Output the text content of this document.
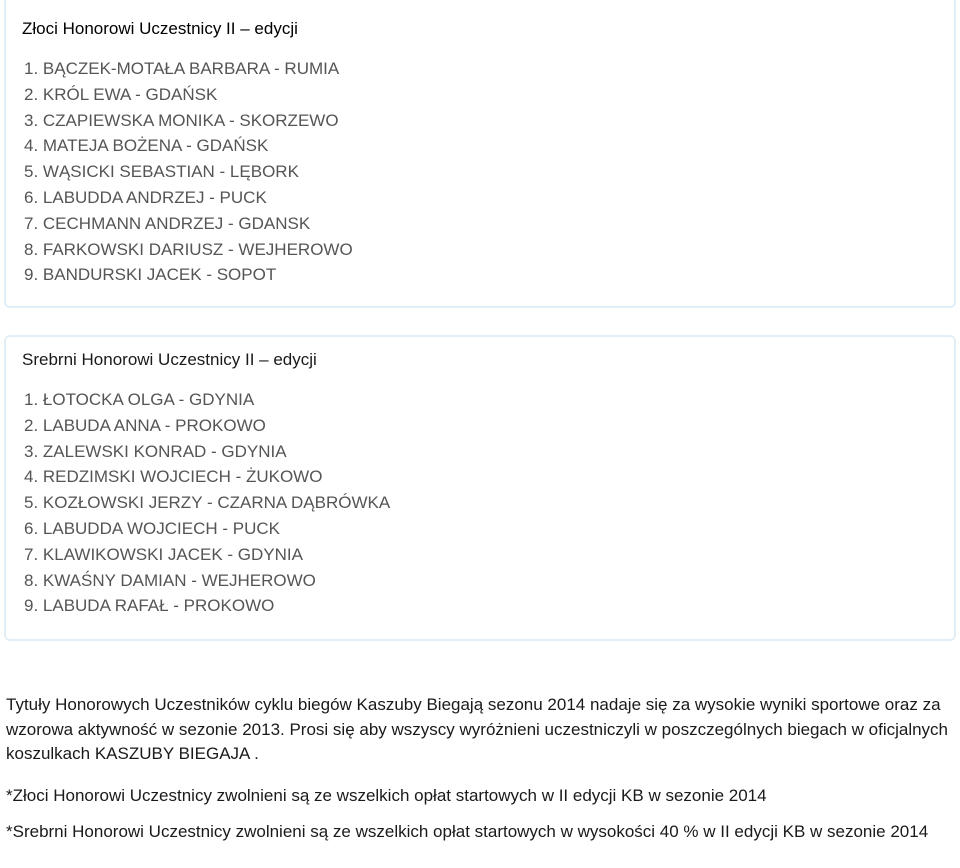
Złoci Honorowi Uczestnicy II – edycji
1. BĄCZEK-MOTAŁA BARBARA - RUMIA
2. KRÓL EWA - GDAŃSK
3. CZAPIEWSKA MONIKA - SKORZEWO
4. MATEJA BOŻENA - GDAŃSK
5. WĄSICKI SEBASTIAN - LĘBORK
6. LABUDDA ANDRZEJ - PUCK
7. CECHMANN ANDRZEJ - GDANSK
8. FARKOWSKI DARIUSZ - WEJHEROWO
9. BANDURSKI JACEK - SOPOT
Srebrni Honorowi Uczestnicy II – edycji
1. ŁOTOCKA OLGA - GDYNIA
2. LABUDA ANNA - PROKOWO
3. ZALEWSKI KONRAD - GDYNIA
4. REDZIMSKI WOJCIECH - ŻUKOWO
5. KOZŁOWSKI JERZY - CZARNA DĄBRÓWKA
6. LABUDDA WOJCIECH - PUCK
7. KLAWIKOWSKI JACEK - GDYNIA
8. KWAŚNY DAMIAN - WEJHEROWO
9. LABUDA RAFAŁ - PROKOWO

Tytuły Honorowych Uczestników cyklu biegów Kaszuby Biegają sezonu 2014 nadaje się za wysokie wyniki sportowe oraz za wzorowa aktywność w sezonie 2013. Prosi się aby wszyscy wyróżnieni uczestniczyli w poszczególnych biegach w oficjalnych koszulkach KASZUBY BIEGAJA .

*Złoci Honorowi Uczestnicy zwolnieni są ze wszelkich opłat startowych w II edycji KB w sezonie 2014

*Srebrni Honorowi Uczestnicy zwolnieni są ze wszelkich opłat startowych w wysokości 40 % w II edycji KB w sezonie 2014
